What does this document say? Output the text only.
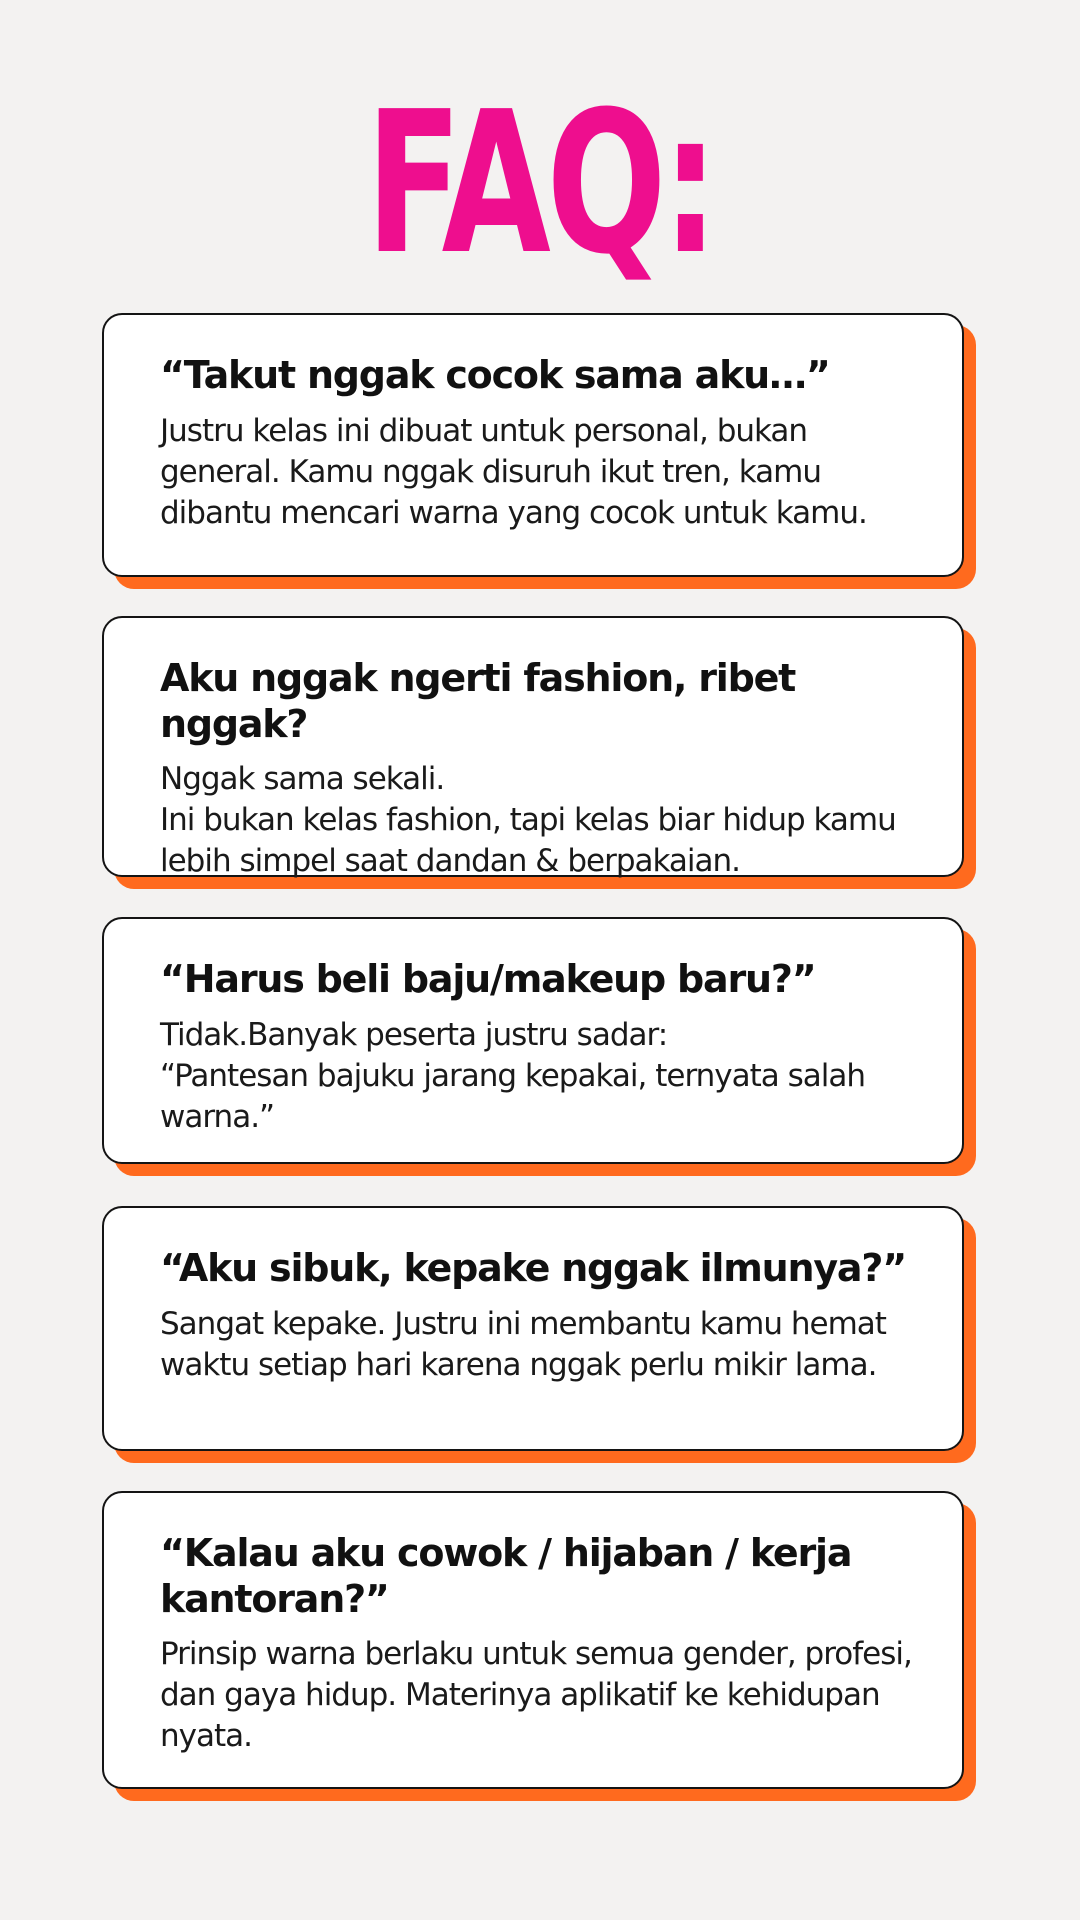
FAQ:

“Takut nggak cocok sama aku…”

Justru kelas ini dibuat untuk personal, bukan general. Kamu nggak disuruh ikut tren, kamu dibantu mencari warna yang cocok untuk kamu.

Aku nggak ngerti fashion, ribet nggak?

Nggak sama sekali.
Ini bukan kelas fashion, tapi kelas biar hidup kamu lebih simpel saat dandan & berpakaian.

“Harus beli baju/makeup baru?”

Tidak.Banyak peserta justru sadar:
“Pantesan bajuku jarang kepakai, ternyata salah warna.”

“Aku sibuk, kepake nggak ilmunya?”

Sangat kepake. Justru ini membantu kamu hemat waktu setiap hari karena nggak perlu mikir lama.

“Kalau aku cowok / hijaban / kerja kantoran?”

Prinsip warna berlaku untuk semua gender, profesi, dan gaya hidup. Materinya aplikatif ke kehidupan nyata.
